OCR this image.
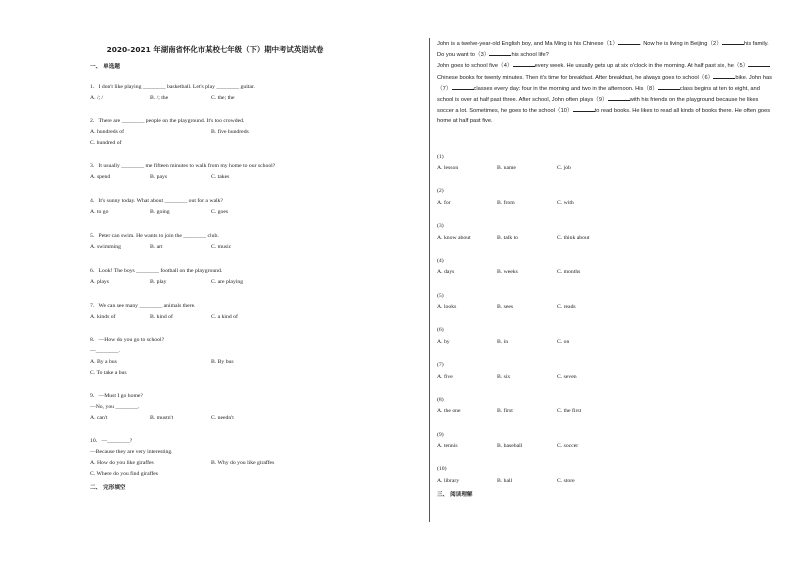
2020-2021 年湖南省怀化市某校七年级（下）期中考试英语试卷
一、 单选题
1．I don't like playing ________ basketball. Let's play ________ guitar.
A. /; /	B. /; the	C. the; the
2．There are ________ people on the playground. It's too crowded.
A. hundreds of	B. five hundreds
C. hundred of
3．It usually ________ me fifteen minutes to walk from my home to our school?
A. spend	B. pays	C. takes
4．It's sunny today. What about ________ out for a walk?
A. to go	B. going	C. goes
5．Peter can swim. He wants to join the ________ club.
A. swimming	B. art	C. music
6．Look! The boys ________ football on the playground.
A. plays	B. play	C. are playing
7．We can see many ________ animals there.
A. kinds of	B. kind of	C. a kind of
8．—How do you go to school?
—________.
A. By a bus	B. By bus
C. To take a bus
9．—Must I go home?
—No, you ________.
A. can't	B. mustn't	C. needn't
10．—________?
—Because they are very interesting.
A. How do you like giraffes	B. Why do you like giraffes
C. Where do you find giraffes
二、 完形填空

John is a twelve-year-old English boy, and Ma Ming is his Chinese（1）	. Now he is living in Beijing（2）	his family. Do you want to（3）	his school life?

John goes to school five（4）	every week. He usually gets up at six o'clock in the morning. At half past six, he（5）Chinese books for twenty minutes. Then it's time for breakfast. After breakfast, he always goes to school（6）	bike. John has（7）	classes every day: four in the morning and two in the afternoon. His（8）	class begins at ten to eight, and school is over at half past three. After school, John often plays（9）	with his friends on the playground because he likes soccer a lot. Sometimes, he goes to the school（10）	to read books. He likes to read all kinds of books there. He often goes home at half past five.

(1)
A. lesson	B. name	C. job
(2)
A. for	B. from	C. with
(3)
A. know about	B. talk to	C. think about
(4)
A. days	B. weeks	C. months
(5)
A. looks	B. sees	C. reads
(6)
A. by	B. in	C. on
(7)
A. five	B. six	C. seven
(8)
A. the one	B. first	C. the first
(9)
A. tennis	B. baseball	C. soccer
(10)
A. library	B. hall	C. store
三、 阅读理解
